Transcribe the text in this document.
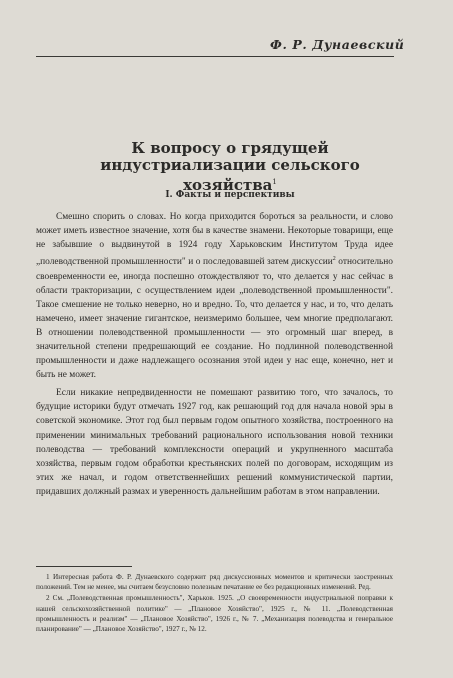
Ф. Р. Дунаевский
К вопросу о грядущей индустриализации сельского хозяйства$^1$
I. Факты и перспективы

Смешно спорить о словах. Но когда приходится бороться за реальности, и слово может иметь известное значение, хотя бы в качестве знамени. Некоторые товарищи, еще не забывшие о выдвинутой в 1924 году Харьковским Институтом Труда идее „полеводственной промышленности" и о последовавшей затем дискуссии$^2$ относительно своевременности ее, иногда поспешно отождествляют то, что делается у нас сейчас в области тракторизации, с осуществлением идеи „полеводственной промышленности". Такое смешение не только неверно, но и вредно. То, что делается у нас, и то, что делать намечено, имеет значение гигантское, неизмеримо большее, чем многие предполагают. В отношении полеводственной промышленности — это огромный шаг вперед, в значительной степени предрешающий ее создание. Но подлинной полеводственной промышленности и даже надлежащего осознания этой идеи у нас еще, конечно, нет и быть не может.

Если никакие непредвиденности не помешают развитию того, что зачалось, то будущие историки будут отмечать 1927 год, как решающий год для начала новой эры в советской экономике. Этот год был первым годом опытного хозяйства, построенного на применении минимальных требований рационального использования новой техники полеводства — требований комплексности операций и укрупненного масштаба хозяйства, первым годом обработки крестьянских полей по договорам, исходящим из этих же начал, и годом ответственнейших решений коммунистической партии, придавших должный размах и уверенность дальнейшим работам в этом направлении.

1 Интересная работа Ф. Р. Дунаевского содержит ряд дискуссионных моментов и критически заостренных положений. Тем не менее, мы считаем безусловно полезным печатание ее без редакционных изменений. Ред.

2 См. „Полеводственная промышленность", Харьков. 1925. „О своевременности индустриальной поправки к нашей сельскохозяйственной политике" — „Плановое Хозяйство", 1925 г., № 11. „Полеводственная промышленность и реализм" — „Плановое Хозяйство", 1926 г., № 7. „Механизация полеводства и генеральное планирование" — „Плановое Хозяйство", 1927 г., № 12.
